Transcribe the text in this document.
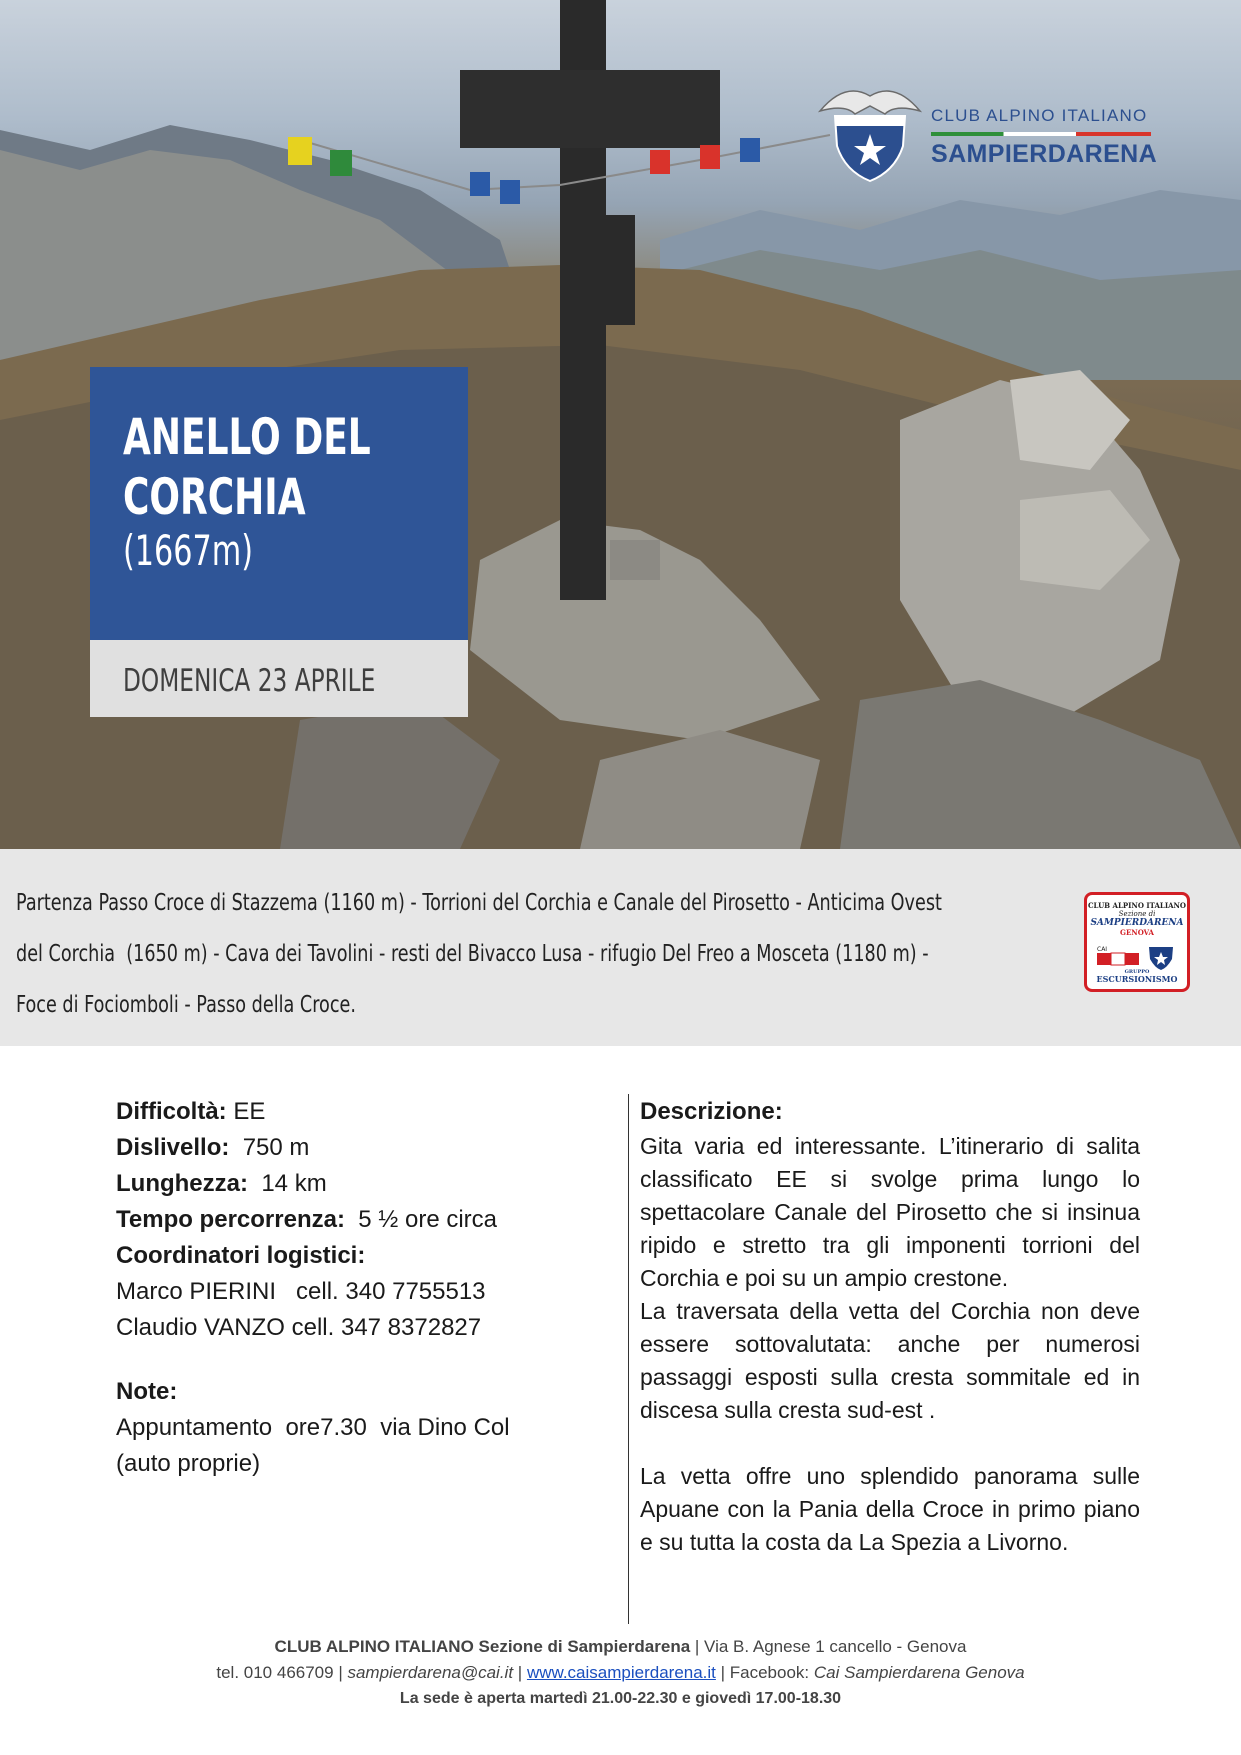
CLUB ALPINO ITALIANO
SAMPIERDARENA
ANELLO DEL
CORCHIA
(1667m)
DOMENICA 23 APRILE
Partenza Passo Croce di Stazzema (1160 m) - Torrioni del Corchia e Canale del Pirosetto - Anticima Ovest
del Corchia  (1650 m) - Cava dei Tavolini - resti del Bivacco Lusa - rifugio Del Freo a Mosceta (1180 m) -
Foce di Fociomboli - Passo della Croce.
CLUB ALPINO ITALIANO
Sezione di
SAMPIERDARENA
GENOVA
CAI
GRUPPO
ESCURSIONISMO
Difficoltà: EE
Dislivello:  750 m
Lunghezza:  14 km
Tempo percorrenza:  5 ½ ore circa
Coordinatori logistici:
Marco PIERINI   cell. 340 7755513
Claudio VANZO cell. 347 8372827
Note:
Appuntamento  ore7.30  via Dino Col
(auto proprie)
Descrizione:

Gita varia ed interessante. L’itinerario di salita classificato EE si svolge prima lungo lo spettacolare Canale del Pirosetto che si insinua ripido e stretto tra gli imponenti torrioni del Corchia e poi su un ampio crestone.

La traversata della vetta del Corchia non deve essere sottovalutata: anche per numerosi passaggi esposti sulla cresta sommitale ed in discesa sulla cresta sud-est .

La vetta offre uno splendido panorama sulle Apuane con la Pania della Croce in primo piano e su tutta la costa da La Spezia a Livorno.

CLUB ALPINO ITALIANO Sezione di Sampierdarena | Via B. Agnese 1 cancello - Genova
tel. 010 466709 | sampierdarena@cai.it | www.caisampierdarena.it | Facebook: Cai Sampierdarena Genova
La sede è aperta martedì 21.00-22.30 e giovedì 17.00-18.30
